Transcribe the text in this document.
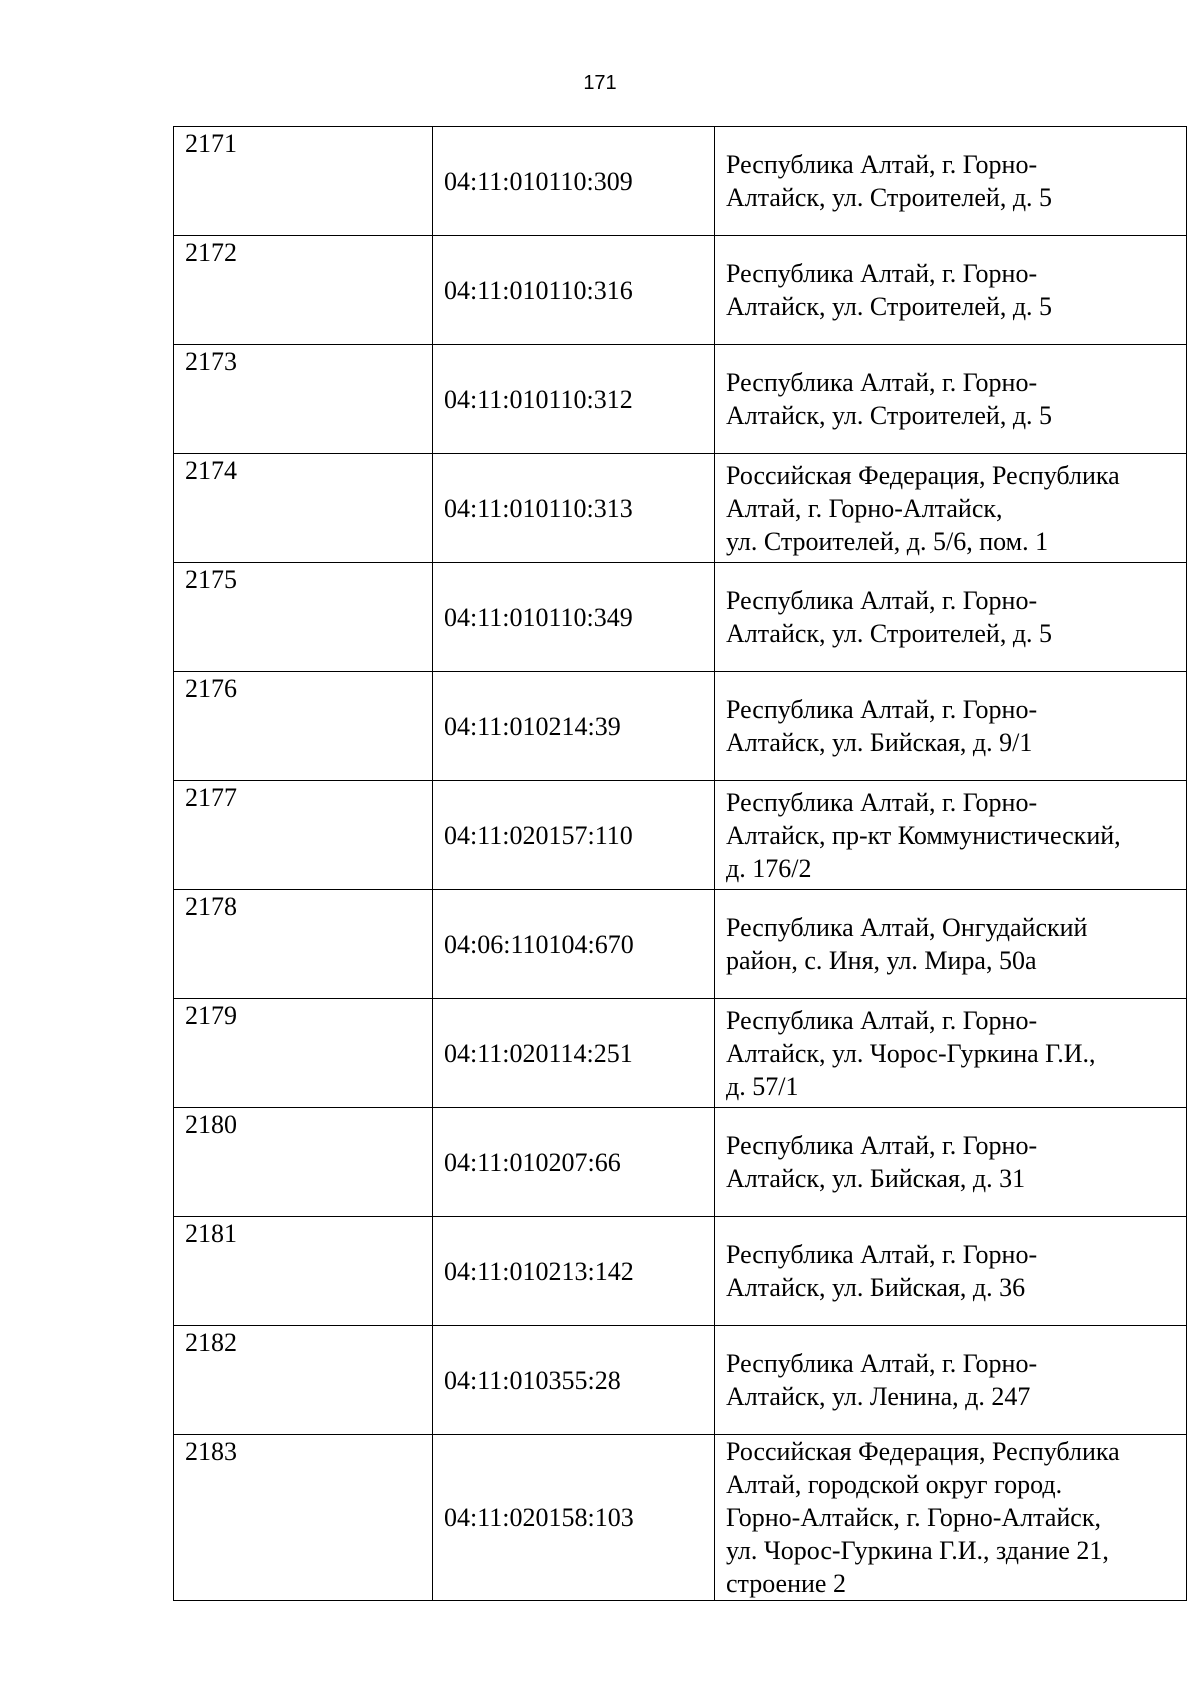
171
2171	04:11:010110:309	Республика Алтай, г. Горно-
Алтайск, ул. Строителей, д. 5

2172	04:11:010110:316	Республика Алтай, г. Горно-
Алтайск, ул. Строителей, д. 5

2173	04:11:010110:312	Республика Алтай, г. Горно-
Алтайск, ул. Строителей, д. 5

2174	04:11:010110:313	Российская Федерация, Республика
Алтай, г. Горно-Алтайск,
ул. Строителей, д. 5/6, пом. 1

2175	04:11:010110:349	Республика Алтай, г. Горно-
Алтайск, ул. Строителей, д. 5

2176	04:11:010214:39	Республика Алтай, г. Горно-
Алтайск, ул. Бийская, д. 9/1

2177	04:11:020157:110	Республика Алтай, г. Горно-
Алтайск, пр-кт Коммунистический,
д. 176/2

2178	04:06:110104:670	Республика Алтай, Онгудайский
район, с. Иня, ул. Мира, 50а

2179	04:11:020114:251	Республика Алтай, г. Горно-
Алтайск, ул. Чорос-Гуркина Г.И.,
д. 57/1

2180	04:11:010207:66	Республика Алтай, г. Горно-
Алтайск, ул. Бийская, д. 31

2181	04:11:010213:142	Республика Алтай, г. Горно-
Алтайск, ул. Бийская, д. 36

2182	04:11:010355:28	Республика Алтай, г. Горно-
Алтайск, ул. Ленина, д. 247

2183	04:11:020158:103	Российская Федерация, Республика
Алтай, городской округ город.
Горно-Алтайск, г. Горно-Алтайск,
ул. Чорос-Гуркина Г.И., здание 21,
строение 2
